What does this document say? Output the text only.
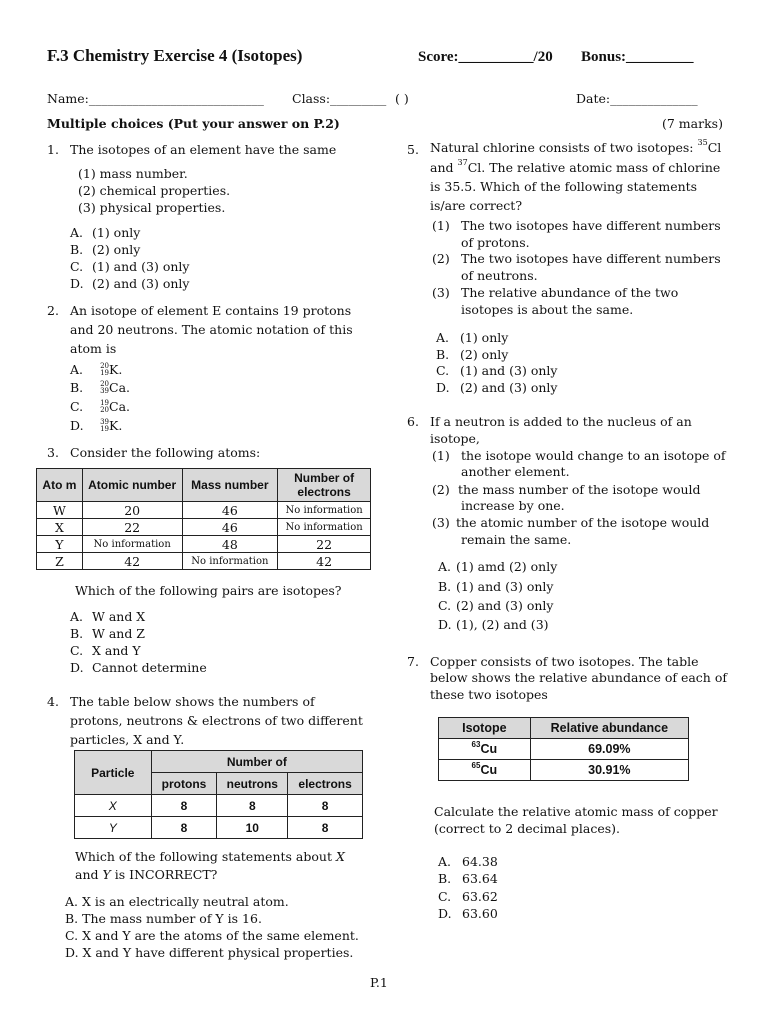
F.3 Chemistry Exercise 4 (Isotopes)	Score:__________/20 Bonus:_________
Name:____________________________ Class:_________ ( )	Date:______________
Multiple choices (Put your answer on P.2)	(7 marks)
1. The isotopes of an element have the same
(1) mass number.
(2) chemical properties.
(3) physical properties.
A. (1) only
B. (2) only
C. (1) and (3) only
D. (2) and (3) only
2. An isotope of element E contains 19 protons
and 20 neutrons. The atomic notation of this
atom is
A. 20
19 K.
B. 20
39 Ca.
C. 19
20 Ca.
D. 39
19 K.
3. Consider the following atoms:
Ato m	Atomic number	Mass number	Number of electrons
W	20	46	No information
X	22	46	No information
Y	No information	48	22
Z	42	No information	42
Which of the following pairs are isotopes?
A. W and X
B. W and Z
C. X and Y
D. Cannot determine
4. The table below shows the numbers of
protons, neutrons & electrons of two different
particles, X and Y.
Particle	Number of		
	protons	neutrons	electrons
X	8	8	8
Y	8	10	8
Which of the following statements about X
and Y is INCORRECT?
A. X is an electrically neutral atom.
B. The mass number of Y is 16.
C. X and Y are the atoms of the same element.
D. X and Y have different physical properties.
5. Natural chlorine consists of two isotopes: $^{35}$Cl
and $^{37}$Cl. The relative atomic mass of chlorine
is 35.5. Which of the following statements
is/are correct?
(1) The two isotopes have different numbers
of protons.
(2) The two isotopes have different numbers
of neutrons.
(3) The relative abundance of the two
isotopes is about the same.
A. (1) only
B. (2) only
C. (1) and (3) only
D. (2) and (3) only
6. If a neutron is added to the nucleus of an
isotope,
(1) the isotope would change to an isotope of
another element.
(2) the mass number of the isotope would
increase by one.
(3) the atomic number of the isotope would
remain the same.
A. (1) amd (2) only
B. (1) and (3) only
C. (2) and (3) only
D. (1), (2) and (3)
7. Copper consists of two isotopes. The table
below shows the relative abundance of each of
these two isotopes
Isotope	Relative abundance
$^{63}$Cu	69.09%
$^{65}$Cu	30.91%
Calculate the relative atomic mass of copper
(correct to 2 decimal places).
A. 64.38
B. 63.64
C. 63.62
D. 63.60
P.1
